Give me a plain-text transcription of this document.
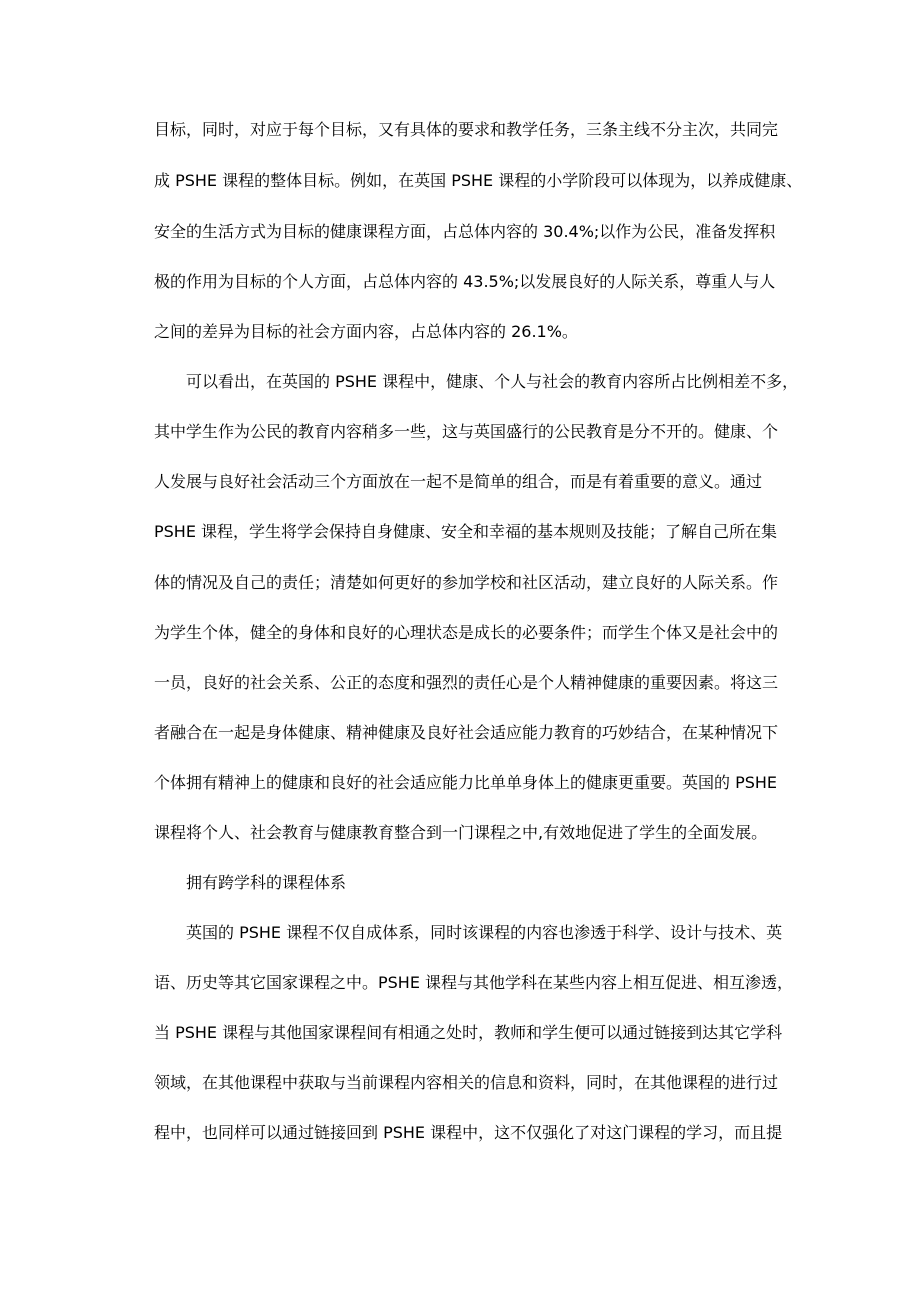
目标，同时，对应于每个目标，又有具体的要求和教学任务，三条主线不分主次，共同完
成 PSHE 课程的整体目标。例如，在英国 PSHE 课程的小学阶段可以体现为，以养成健康、
安全的生活方式为目标的健康课程方面，占总体内容的 30.4%;以作为公民，准备发挥积
极的作用为目标的个人方面，占总体内容的 43.5%;以发展良好的人际关系，尊重人与人
之间的差异为目标的社会方面内容，占总体内容的 26.1%。
可以看出，在英国的 PSHE 课程中，健康、个人与社会的教育内容所占比例相差不多，
其中学生作为公民的教育内容稍多一些，这与英国盛行的公民教育是分不开的。健康、个
人发展与良好社会活动三个方面放在一起不是简单的组合，而是有着重要的意义。通过
PSHE 课程，学生将学会保持自身健康、安全和幸福的基本规则及技能；了解自己所在集
体的情况及自己的责任；清楚如何更好的参加学校和社区活动，建立良好的人际关系。作
为学生个体，健全的身体和良好的心理状态是成长的必要条件；而学生个体又是社会中的
一员，良好的社会关系、公正的态度和强烈的责任心是个人精神健康的重要因素。将这三
者融合在一起是身体健康、精神健康及良好社会适应能力教育的巧妙结合，在某种情况下
个体拥有精神上的健康和良好的社会适应能力比单单身体上的健康更重要。英国的 PSHE
课程将个人、社会教育与健康教育整合到一门课程之中,有效地促进了学生的全面发展。
拥有跨学科的课程体系
英国的 PSHE 课程不仅自成体系，同时该课程的内容也渗透于科学、设计与技术、英
语、历史等其它国家课程之中。PSHE 课程与其他学科在某些内容上相互促进、相互渗透，
当 PSHE 课程与其他国家课程间有相通之处时，教师和学生便可以通过链接到达其它学科
领域，在其他课程中获取与当前课程内容相关的信息和资料，同时，在其他课程的进行过
程中，也同样可以通过链接回到 PSHE 课程中，这不仅强化了对这门课程的学习，而且提
